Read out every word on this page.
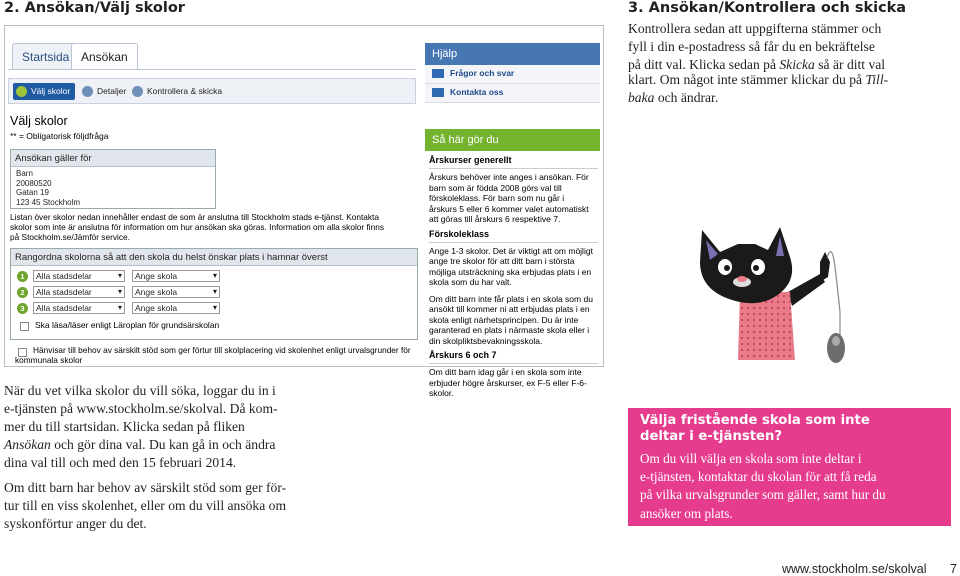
2. Ansökan/Välj skolor	3. Ansökan/Kontrollera och skicka
Kontrollera sedan att uppgifterna stämmer och
fyll i din e-postadress så får du en bekräftelse
på ditt val. Klicka sedan på Skicka så är ditt val
klart. Om något inte stämmer klickar du på Till-
baka och ändrar.
Startsida Ansökan
Välj skolor	Detaljer	Kontrollera & skicka
Välj skolor
** = Obligatorisk följdfråga
Ansökan gäller för
Barn
20080520
Gatan 19
123 45 Stockholm
Listan över skolor nedan innehåller endast de som är anslutna till Stockholm stads e-tjänst. Kontakta
skolor som inte är anslutna för information om hur ansökan ska göras. Information om alla skolor finns
på Stockholm.se/Jämför service.
Rangordna skolorna så att den skola du helst önskar plats i hamnar överst
1	Alla stadsdelar ▾	Ange skola ▾
2	Alla stadsdelar ▾	Ange skola ▾
3	Alla stadsdelar ▾	Ange skola ▾
Ska läsa/läser enligt Läroplan för grundsärskolan
Hänvisar till behov av särskilt stöd som ger förtur till skolplacering vid skolenhet enligt urvalsgrunder för
kommunala skolor
Hjälp
Frågor och svar
Kontakta oss
Så här gör du
Årskurser generellt
Årskurs behöver inte anges i ansökan. För barn som är födda 2008 görs val till förskoleklass. För barn som nu går i årskurs 5 eller 6 kommer valet automatiskt att göras till årskurs 6 respektive 7.
Förskoleklass
Ange 1-3 skolor. Det är viktigt att om möjligt ange tre skolor för att ditt barn i största möjliga utsträckning ska erbjudas plats i en skola som du har valt.
Om ditt barn inte får plats i en skola som du ansökt till kommer ni att erbjudas plats i en skola enligt närhetsprincipen. Du är inte garanterad en plats i närmaste skola eller i din skolpliktsbevakningsskola.
Årskurs 6 och 7
Om ditt barn idag går i en skola som inte erbjuder högre årskurser, ex F-5 eller F-6-skolor.
När du vet vilka skolor du vill söka, loggar du in i
e-tjänsten på www.stockholm.se/skolval. Då kom-
mer du till startsidan. Klicka sedan på fliken
Ansökan och gör dina val. Du kan gå in och ändra
dina val till och med den 15 februari 2014.
Om ditt barn har behov av särskilt stöd som ger för-
tur till en viss skolenhet, eller om du vill ansöka om
syskonförtur anger du det.
Välja fristående skola som inte
deltar i e-tjänsten?
Om du vill välja en skola som inte deltar i
e-tjänsten, kontaktar du skolan för att få reda
på vilka urvalsgrunder som gäller, samt hur du
ansöker om plats.
www.stockholm.se/skolval 7
